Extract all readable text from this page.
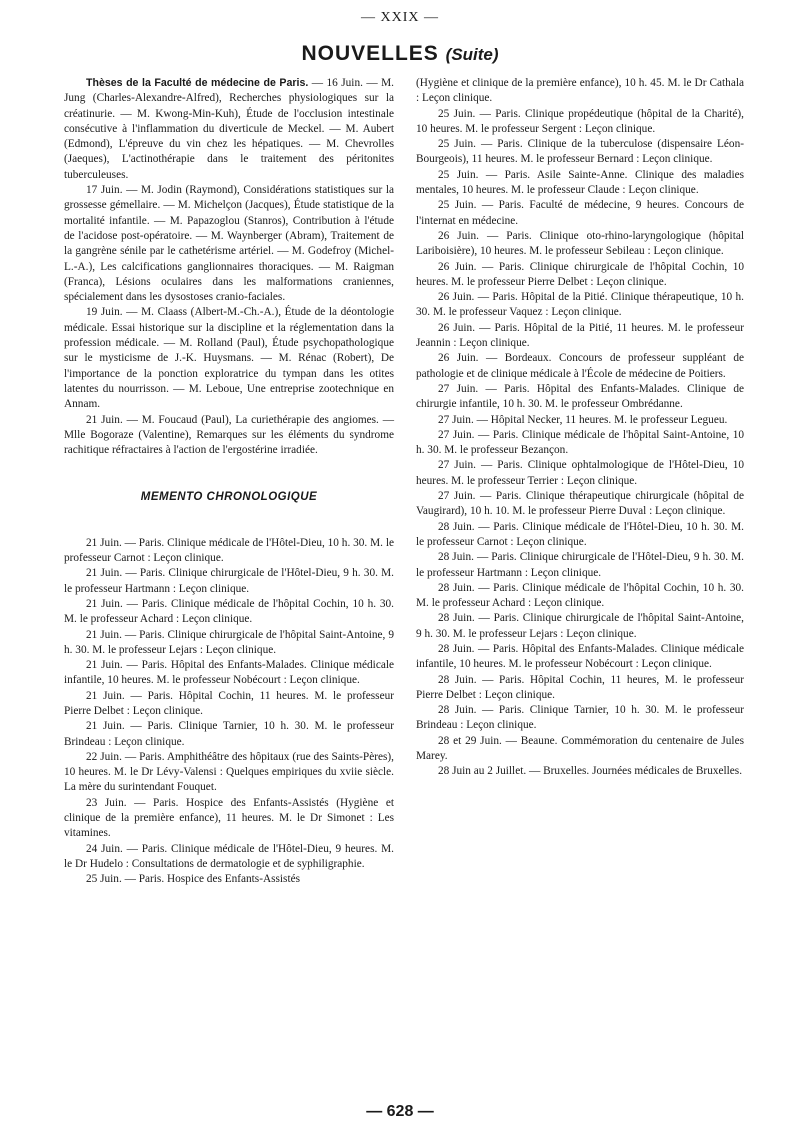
— XXIX —
NOUVELLES (Suite)

Thèses de la Faculté de médecine de Paris. — 16 Juin. — M. Jung (Charles-Alexandre-Alfred), Recherches physiologiques sur la créatinurie. — M. Kwong-Min-Kuh), Étude de l'occlusion intestinale consécutive à l'inflammation du diverticule de Meckel. — M. Aubert (Edmond), L'épreuve du vin chez les hépatiques. — M. Chevrolles (Jaeques), L'actinothérapie dans le traitement des péritonites tuberculeuses.

17 Juin. — M. Jodin (Raymond), Considérations statistiques sur la grossesse gémellaire. — M. Michelçon (Jacques), Étude statistique de la mortalité infantile. — M. Papazoglou (Stanros), Contribution à l'étude de l'acidose post-opératoire. — M. Waynberger (Abram), Traitement de la gangrène sénile par le cathetérisme artériel. — M. Godefroy (Michel-L.-A.), Les calcifications ganglionnaires thoraciques. — M. Raigman (Franca), Lésions oculaires dans les malformations craniennes, spécialement dans les dysostoses cranio-faciales.

19 Juin. — M. Claass (Albert-M.-Ch.-A.), Étude de la déontologie médicale. Essai historique sur la discipline et la réglementation dans la profession médicale. — M. Rolland (Paul), Étude psychopathologique sur le mysticisme de J.-K. Huysmans. — M. Rénac (Robert), De l'importance de la ponction exploratrice du tympan dans les otites latentes du nourrisson. — M. Leboue, Une entreprise zootechnique en Annam.

21 Juin. — M. Foucaud (Paul), La curiethérapie des angiomes. — Mlle Bogoraze (Valentine), Remarques sur les éléments du syndrome rachitique réfractaires à l'action de l'ergostérine irradiée.

MEMENTO CHRONOLOGIQUE

21 Juin. — Paris. Clinique médicale de l'Hôtel-Dieu, 10 h. 30. M. le professeur Carnot : Leçon clinique.

21 Juin. — Paris. Clinique chirurgicale de l'Hôtel-Dieu, 9 h. 30. M. le professeur Hartmann : Leçon clinique.

21 Juin. — Paris. Clinique médicale de l'hôpital Cochin, 10 h. 30. M. le professeur Achard : Leçon clinique.

21 Juin. — Paris. Clinique chirurgicale de l'hôpital Saint-Antoine, 9 h. 30. M. le professeur Lejars : Leçon clinique.

21 Juin. — Paris. Hôpital des Enfants-Malades. Clinique médicale infantile, 10 heures. M. le professeur Nobécourt : Leçon clinique.

21 Juin. — Paris. Hôpital Cochin, 11 heures. M. le professeur Pierre Delbet : Leçon clinique.

21 Juin. — Paris. Clinique Tarnier, 10 h. 30. M. le professeur Brindeau : Leçon clinique.

22 Juin. — Paris. Amphithéâtre des hôpitaux (rue des Saints-Pères), 10 heures. M. le Dr Lévy-Valensi : Quelques empiriques du xviie siècle. La mère du surintendant Fouquet.

23 Juin. — Paris. Hospice des Enfants-Assistés (Hygiène et clinique de la première enfance), 11 heures. M. le Dr Simonet : Les vitamines.

24 Juin. — Paris. Clinique médicale de l'Hôtel-Dieu, 9 heures. M. le Dr Hudelo : Consultations de dermatologie et de syphiligraphie.

25 Juin. — Paris. Hospice des Enfants-Assistés

(Hygiène et clinique de la première enfance), 10 h. 45. M. le Dr Cathala : Leçon clinique.

25 Juin. — Paris. Clinique propédeutique (hôpital de la Charité), 10 heures. M. le professeur Sergent : Leçon clinique.

25 Juin. — Paris. Clinique de la tuberculose (dispensaire Léon-Bourgeois), 11 heures. M. le professeur Bernard : Leçon clinique.

25 Juin. — Paris. Asile Sainte-Anne. Clinique des maladies mentales, 10 heures. M. le professeur Claude : Leçon clinique.

25 Juin. — Paris. Faculté de médecine, 9 heures. Concours de l'internat en médecine.

26 Juin. — Paris. Clinique oto-rhino-laryngologique (hôpital Lariboisière), 10 heures. M. le professeur Sebileau : Leçon clinique.

26 Juin. — Paris. Clinique chirurgicale de l'hôpital Cochin, 10 heures. M. le professeur Pierre Delbet : Leçon clinique.

26 Juin. — Paris. Hôpital de la Pitié. Clinique thérapeutique, 10 h. 30. M. le professeur Vaquez : Leçon clinique.

26 Juin. — Paris. Hôpital de la Pitié, 11 heures. M. le professeur Jeannin : Leçon clinique.

26 Juin. — Bordeaux. Concours de professeur suppléant de pathologie et de clinique médicale à l'École de médecine de Poitiers.

27 Juin. — Paris. Hôpital des Enfants-Malades. Clinique de chirurgie infantile, 10 h. 30. M. le professeur Ombrédanne.

27 Juin. — Hôpital Necker, 11 heures. M. le professeur Legueu.

27 Juin. — Paris. Clinique médicale de l'hôpital Saint-Antoine, 10 h. 30. M. le professeur Bezançon.

27 Juin. — Paris. Clinique ophtalmologique de l'Hôtel-Dieu, 10 heures. M. le professeur Terrier : Leçon clinique.

27 Juin. — Paris. Clinique thérapeutique chirurgicale (hôpital de Vaugirard), 10 h. 10. M. le professeur Pierre Duval : Leçon clinique.

28 Juin. — Paris. Clinique médicale de l'Hôtel-Dieu, 10 h. 30. M. le professeur Carnot : Leçon clinique.

28 Juin. — Paris. Clinique chirurgicale de l'Hôtel-Dieu, 9 h. 30. M. le professeur Hartmann : Leçon clinique.

28 Juin. — Paris. Clinique médicale de l'hôpital Cochin, 10 h. 30. M. le professeur Achard : Leçon clinique.

28 Juin. — Paris. Clinique chirurgicale de l'hôpital Saint-Antoine, 9 h. 30. M. le professeur Lejars : Leçon clinique.

28 Juin. — Paris. Hôpital des Enfants-Malades. Clinique médicale infantile, 10 heures. M. le professeur Nobécourt : Leçon clinique.

28 Juin. — Paris. Hôpital Cochin, 11 heures, M. le professeur Pierre Delbet : Leçon clinique.

28 Juin. — Paris. Clinique Tarnier, 10 h. 30. M. le professeur Brindeau : Leçon clinique.

28 et 29 Juin. — Beaune. Commémoration du centenaire de Jules Marey.

28 Juin au 2 Juillet. — Bruxelles. Journées médicales de Bruxelles.

— 628 —
